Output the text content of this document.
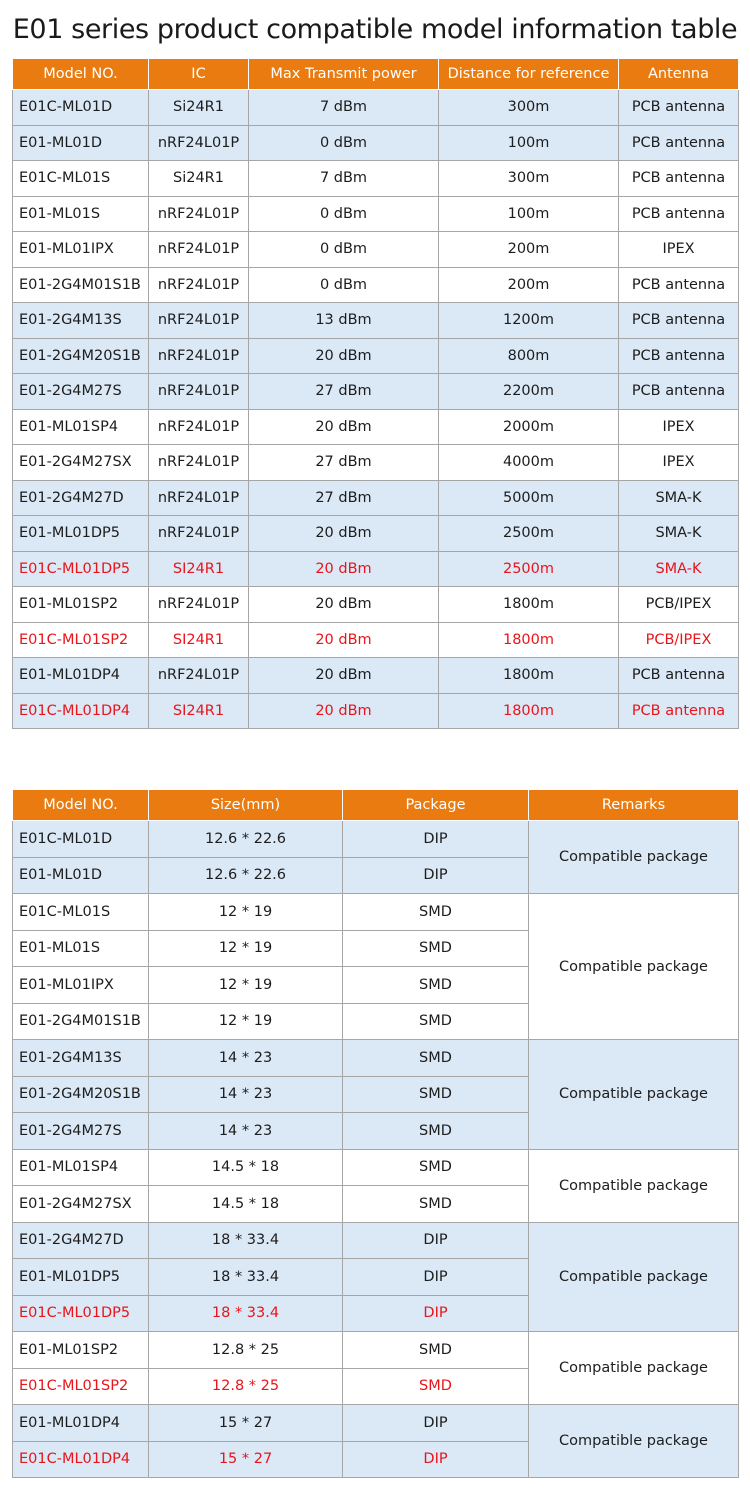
E01 series product compatible model information table
Model NO.	IC	Max Transmit power	Distance for reference	Antenna
E01C-ML01D	Si24R1	7 dBm	300m	PCB antenna
E01-ML01D	nRF24L01P	0 dBm	100m	PCB antenna
E01C-ML01S	Si24R1	7 dBm	300m	PCB antenna
E01-ML01S	nRF24L01P	0 dBm	100m	PCB antenna
E01-ML01IPX	nRF24L01P	0 dBm	200m	IPEX
E01-2G4M01S1B	nRF24L01P	0 dBm	200m	PCB antenna
E01-2G4M13S	nRF24L01P	13 dBm	1200m	PCB antenna
E01-2G4M20S1B	nRF24L01P	20 dBm	800m	PCB antenna
E01-2G4M27S	nRF24L01P	27 dBm	2200m	PCB antenna
E01-ML01SP4	nRF24L01P	20 dBm	2000m	IPEX
E01-2G4M27SX	nRF24L01P	27 dBm	4000m	IPEX
E01-2G4M27D	nRF24L01P	27 dBm	5000m	SMA-K
E01-ML01DP5	nRF24L01P	20 dBm	2500m	SMA-K
E01C-ML01DP5	SI24R1	20 dBm	2500m	SMA-K
E01-ML01SP2	nRF24L01P	20 dBm	1800m	PCB/IPEX
E01C-ML01SP2	SI24R1	20 dBm	1800m	PCB/IPEX
E01-ML01DP4	nRF24L01P	20 dBm	1800m	PCB antenna
E01C-ML01DP4	SI24R1	20 dBm	1800m	PCB antenna
Model NO.	Size(mm)	Package	Remarks
E01C-ML01D	12.6 * 22.6	DIP	Compatible package
E01-ML01D	12.6 * 22.6	DIP	
E01C-ML01S	12 * 19	SMD	Compatible package
E01-ML01S	12 * 19	SMD	
E01-ML01IPX	12 * 19	SMD	
E01-2G4M01S1B	12 * 19	SMD	
E01-2G4M13S	14 * 23	SMD	Compatible package
E01-2G4M20S1B	14 * 23	SMD	
E01-2G4M27S	14 * 23	SMD	
E01-ML01SP4	14.5 * 18	SMD	Compatible package
E01-2G4M27SX	14.5 * 18	SMD	
E01-2G4M27D	18 * 33.4	DIP	Compatible package
E01-ML01DP5	18 * 33.4	DIP	
E01C-ML01DP5	18 * 33.4	DIP	
E01-ML01SP2	12.8 * 25	SMD	Compatible package
E01C-ML01SP2	12.8 * 25	SMD	
E01-ML01DP4	15 * 27	DIP	Compatible package
E01C-ML01DP4	15 * 27	DIP	
